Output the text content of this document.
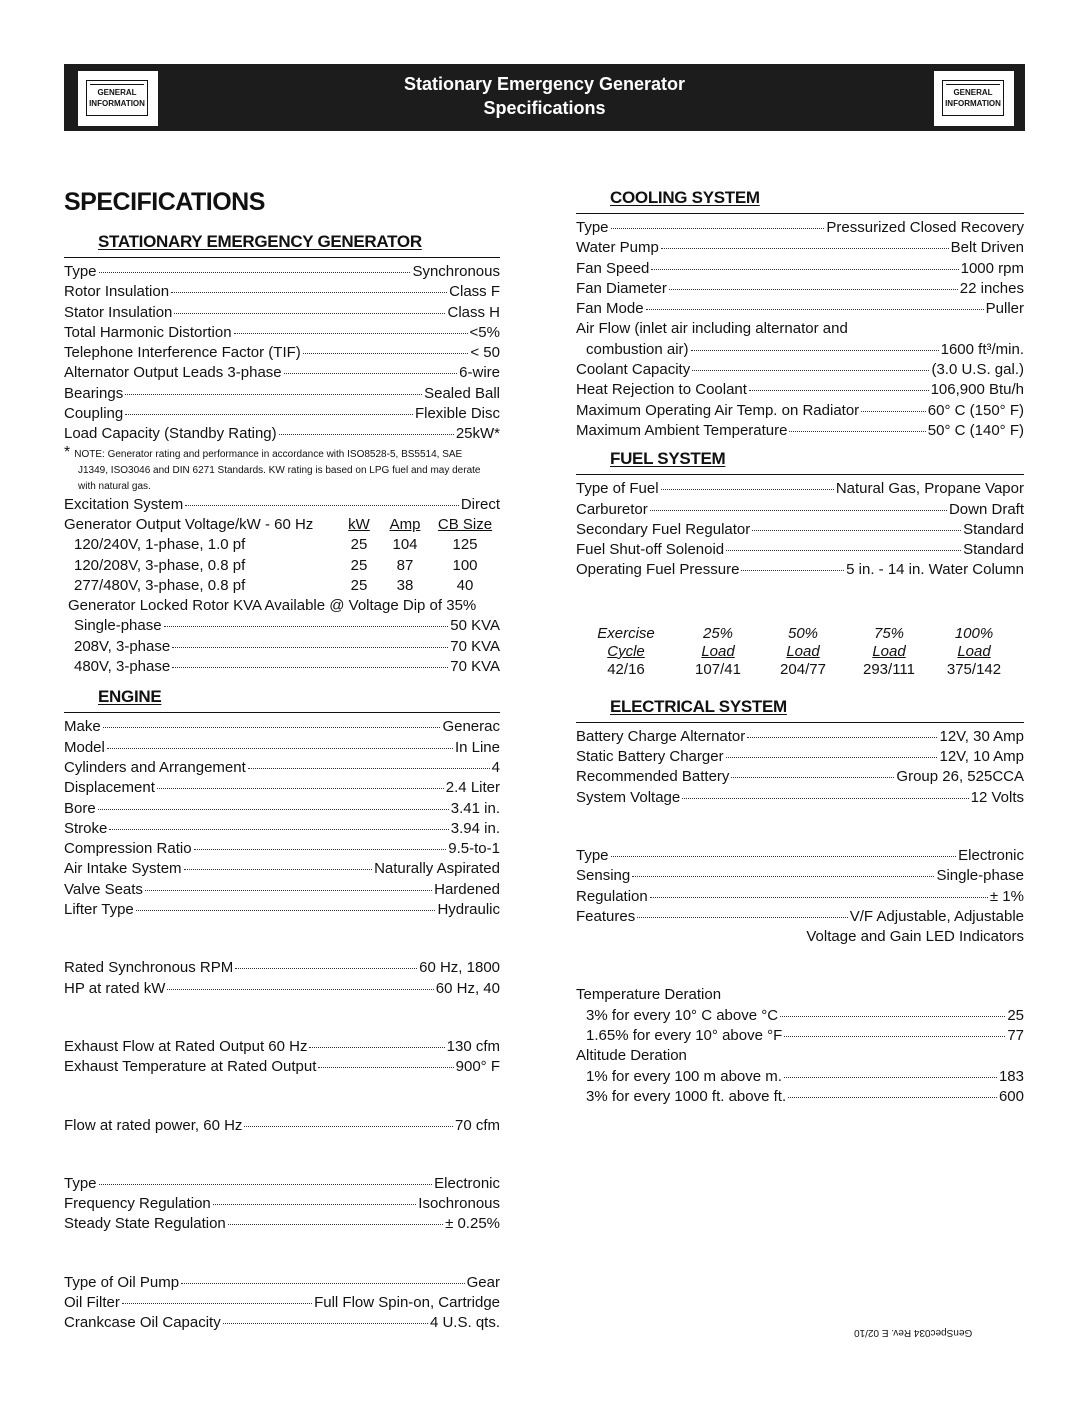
GENERAL
INFORMATION
Stationary Emergency Generator
Specifications
GENERAL
INFORMATION
SPECIFICATIONS
STATIONARY EMERGENCY GENERATOR
Type	Synchronous
Rotor Insulation	Class F
Stator Insulation	Class H
Total Harmonic Distortion	<5%
Telephone Interference Factor (TIF)	< 50
Alternator Output Leads 3-phase	6-wire
Bearings	Sealed Ball
Coupling	Flexible Disc
Load Capacity (Standby Rating)	25kW*
* NOTE: Generator rating and performance in accordance with ISO8528-5, BS5514, SAE
J1349, ISO3046 and DIN 6271 Standards. KW rating is based on LPG fuel and may derate
with natural gas.
Excitation System	Direct
Generator Output Voltage/kW - 60 Hz	kW	Amp	CB Size
120/240V, 1-phase, 1.0 pf	25	104	125
120/208V, 3-phase, 0.8 pf	25	87	100
277/480V, 3-phase, 0.8 pf	25	38	40
Generator Locked Rotor KVA Available @ Voltage Dip of 35%
Single-phase	50 KVA
208V, 3-phase	70 KVA
480V, 3-phase	70 KVA
ENGINE
Make	Generac
Model	In Line
Cylinders and Arrangement	4
Displacement	2.4 Liter
Bore	3.41 in.
Stroke	3.94 in.
Compression Ratio	9.5-to-1
Air Intake System	Naturally Aspirated
Valve Seats	Hardened
Lifter Type	Hydraulic
Rated Synchronous RPM	60 Hz, 1800
HP at rated kW	60 Hz, 40
Exhaust Flow at Rated Output 60 Hz	130 cfm
Exhaust Temperature at Rated Output	900° F
Flow at rated power, 60 Hz	70 cfm
Type	Electronic
Frequency Regulation	Isochronous
Steady State Regulation	± 0.25%
Type of Oil Pump	Gear
Oil Filter	Full Flow Spin-on, Cartridge
Crankcase Oil Capacity	4 U.S. qts.
COOLING SYSTEM
Type	Pressurized Closed Recovery
Water Pump	Belt Driven
Fan Speed	1000 rpm
Fan Diameter	22 inches
Fan Mode	Puller
Air Flow (inlet air including alternator and
combustion air)	1600 ft³/min.
Coolant Capacity	(3.0 U.S. gal.)
Heat Rejection to Coolant	106,900 Btu/h
Maximum Operating Air Temp. on Radiator	60° C (150° F)
Maximum Ambient Temperature	50° C (140° F)
FUEL SYSTEM
Type of Fuel	Natural Gas, Propane Vapor
Carburetor	Down Draft
Secondary Fuel Regulator	Standard
Fuel Shut-off Solenoid	Standard
Operating Fuel Pressure	5 in. - 14 in. Water Column
Exercise	25%	50%	75%	100%
Cycle	Load	Load	Load	Load
42/16	107/41	204/77	293/111	375/142
ELECTRICAL SYSTEM
Battery Charge Alternator	12V, 30 Amp
Static Battery Charger	12V, 10 Amp
Recommended Battery	Group 26, 525CCA
System Voltage	12 Volts
Type	Electronic
Sensing	Single-phase
Regulation	± 1%
Features	V/F Adjustable, Adjustable
Voltage and Gain LED Indicators
Temperature Deration
3% for every 10° C above °C	25
1.65% for every 10° above °F	77
Altitude Deration
1% for every 100 m above m.	183
3% for every 1000 ft. above ft.	600
GenSpec034 Rev. E 02/10
